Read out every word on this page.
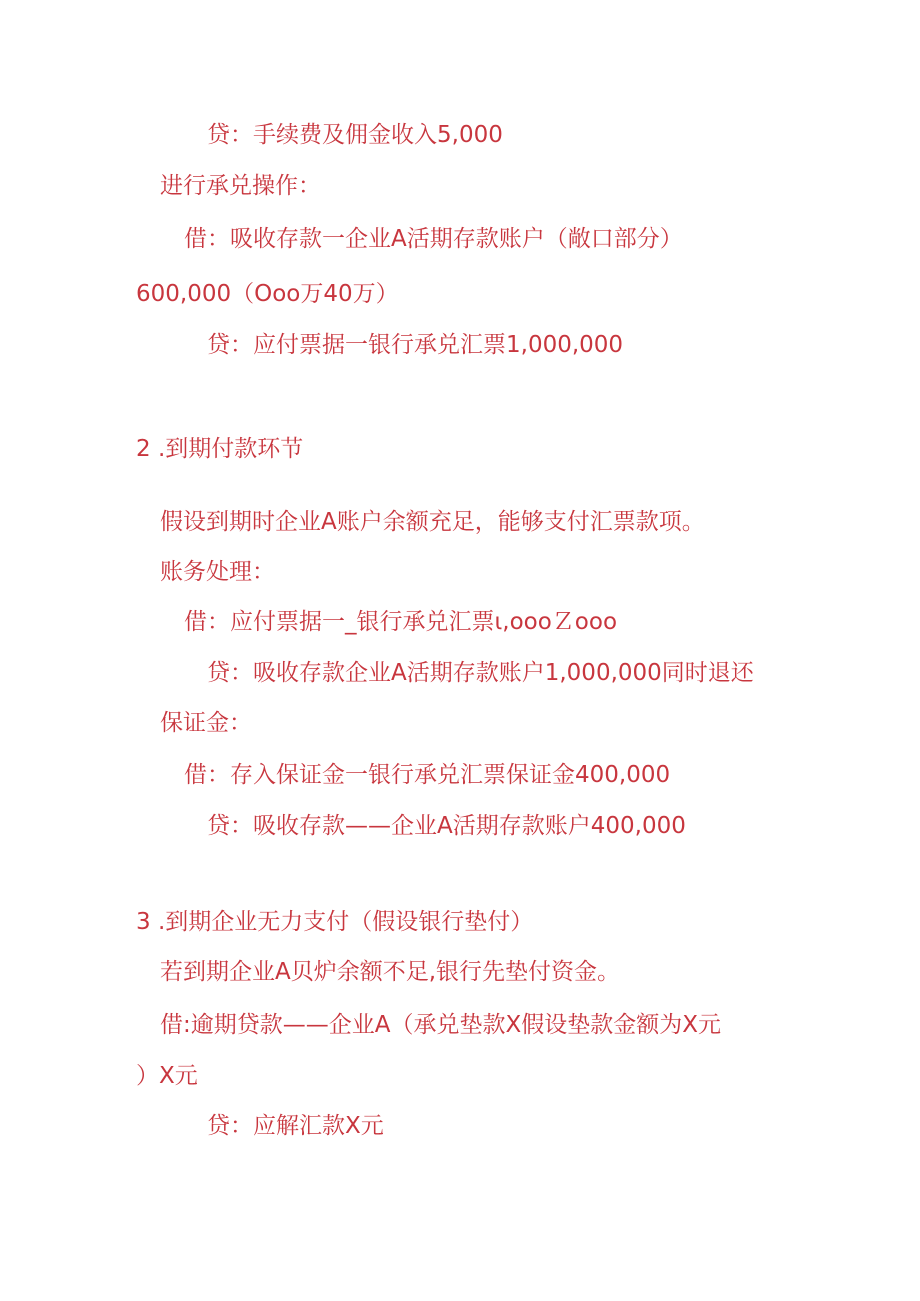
贷：手续费及佣金收入5,000
进行承兑操作：
借：吸收存款一企业A活期存款账户（敞口部分）
600,000（Ooo万40万）
贷：应付票据一银行承兑汇票1,000,000
2 .到期付款环节
假设到期时企业A账户余额充足，能够支付汇票款项。
账务处理：
借：应付票据一_银行承兑汇票ι,oooＺooo
贷：吸收存款企业A活期存款账户1,000,000同时退还
保证金：
借：存入保证金一银行承兑汇票保证金400,000
贷：吸收存款——企业A活期存款账户400,000
3 .到期企业无力支付（假设银行垫付）
若到期企业A贝炉余额不足,银行先垫付资金。
借:逾期贷款——企业A（承兑垫款X假设垫款金额为X元
）X元
贷：应解汇款X元
